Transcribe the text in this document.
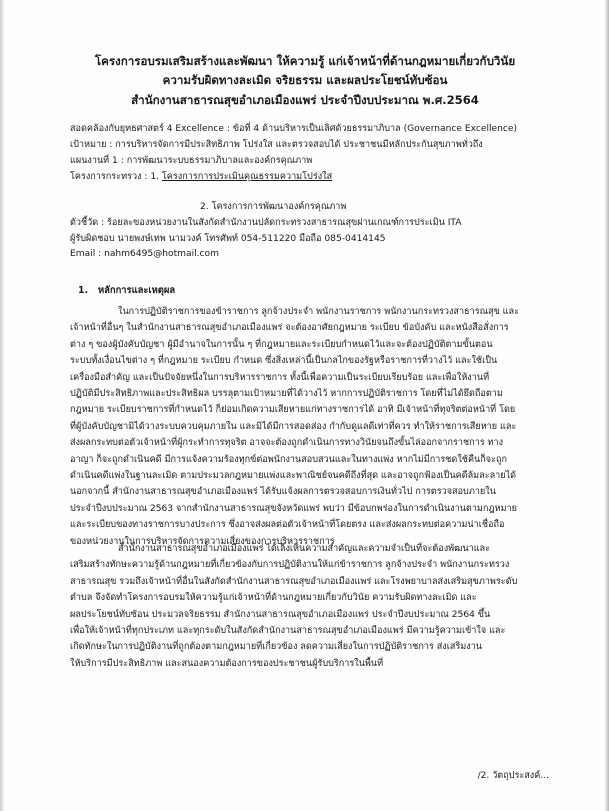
โครงการอบรมเสริมสร้างและพัฒนา ให้ความรู้ แก่เจ้าหน้าที่ด้านกฎหมายเกี่ยวกับวินัย
ความรับผิดทางละเมิด จริยธรรม และผลประโยชน์ทับซ้อน
สำนักงานสาธารณสุขอำเภอเมืองแพร่ ประจำปีงบประมาณ พ.ศ.2564
สอดคล้องกับยุทธศาสตร์ 4 Excellence : ข้อที่ 4 ด้านบริหารเป็นเลิศด้วยธรรมาภิบาล (Governance Excellence)
เป้าหมาย : การบริหารจัดการมีประสิทธิภาพ โปร่งใส และตรวจสอบได้ ประชาชนมีหลักประกันสุขภาพทั่วถึง
แผนงานที่ 1 : การพัฒนาระบบธรรมาภิบาลและองค์กรคุณภาพ
โครงการกระทรวง : 1. โครงการการประเมินคุณธรรมความโปร่งใส
2. โครงการการพัฒนาองค์กรคุณภาพ
ตัวชี้วัด : ร้อยละของหน่วยงานในสังกัดสำนักงานปลัดกระทรวงสาธารณสุขผ่านเกณฑ์การประเมิน ITA
ผู้รับผิดชอบ นายพงษ์เทพ นามวงค์ โทรศัพท์ 054-511220 มือถือ 085-0414145
Email : nahm6495@hotmail.com
1. หลักการและเหตุผล
ในการปฏิบัติราชการของข้าราชการ ลูกจ้างประจำ พนักงานราชการ พนักงานกระทรวงสาธารณสุข และ
เจ้าหน้าที่อื่นๆ ในสำนักงานสาธารณสุขอำเภอเมืองแพร่ จะต้องอาศัยกฎหมาย ระเบียบ ข้อบังคับ และหนังสือสั่งการ
ต่าง ๆ ของผู้บังคับบัญชา ผู้มีอำนาจในการนั้น ๆ ที่กฎหมายและระเบียบกำหนดไว้และจะต้องปฏิบัติตามขั้นตอน
ระบบทั้งเงื่อนไขต่าง ๆ ที่กฎหมาย ระเบียบ กำหนด ซึ่งสิ่งเหล่านี้เป็นกลไกของรัฐหรือราชการที่วางไว้ และใช้เป็น
เครื่องมือสำคัญ และเป็นปัจจัยหนึ่งในการบริหารราชการ ทั้งนี้เพื่อความเป็นระเบียบเรียบร้อย และเพื่อให้งานที่
ปฏิบัติมีประสิทธิภาพและประสิทธิผล บรรลุตามเป้าหมายที่ได้วางไว้ หากการปฏิบัติราชการ โดยที่ไม่ได้ยึดถือตาม
กฎหมาย ระเบียบราชการที่กำหนดไว้ ก็ย่อมเกิดความเสียหายแก่ทางราชการได้ อาทิ มีเจ้าหน้าที่ทุจริตต่อหน้าที่ โดย
ที่ผู้บังคับบัญชามิได้วางระบบควบคุมภายใน และมิได้มีการสอดส่อง กำกับดูแลดีเท่าที่ควร ทำให้ราชการเสียหาย และ
ส่งผลกระทบต่อตัวเจ้าหน้าที่ผู้กระทำการทุจริต อาจจะต้องถูกดำเนินการทางวินัยจนถึงขั้นไล่ออกจากราชการ ทาง
อาญา ก็จะถูกดำเนินคดี มีการแจ้งความร้องทุกข์ต่อพนักงานสอบสวนและในทางแพ่ง หากไม่มีการชดใช้คืนก็จะถูก
ดำเนินคดีแพ่งในฐานละเมิด ตามประมวลกฎหมายแพ่งและพาณิชย์จนคดีถึงที่สุด และอาจถูกฟ้องเป็นคดีล้มละลายได้
นอกจากนี้ สำนักงานสาธารณสุขอำเภอเมืองแพร่ ได้รับแจ้งผลการตรวจสอบการเงินทั่วไป การตรวจสอบภายใน
ประจำปีงบประมาณ 2563 จากสำนักงานสาธารณสุขจังหวัดแพร่ พบว่า มีข้อบกพร่องในการดำเนินงานตามกฎหมาย
และระเบียบของทางราชการบางประการ ซึ่งอาจส่งผลต่อตัวเจ้าหน้าที่โดยตรง และส่งผลกระทบต่อความน่าเชื่อถือ
ของหน่วยงานในการบริหารจัดการความเสี่ยงของการบริหารราชการ
สำนักงานสาธารณสุขอำเภอเมืองแพร่ ได้เล็งเห็นความสำคัญและความจำเป็นที่จะต้องพัฒนาและ
เสริมสร้างทักษะความรู้ด้านกฎหมายที่เกี่ยวข้องกับการปฏิบัติงานให้แก่ข้าราชการ ลูกจ้างประจำ พนักงานกระทรวง
สาธารณสุข รวมถึงเจ้าหน้าที่อื่นในสังกัดสำนักงานสาธารณสุขอำเภอเมืองแพร่ และโรงพยาบาลส่งเสริมสุขภาพระดับ
ตำบล จึงจัดทำโครงการอบรมให้ความรู้แก่เจ้าหน้าที่ด้านกฎหมายเกี่ยวกับวินัย ความรับผิดทางละเมิด และ
ผลประโยชน์ทับซ้อน ประมวลจริยธรรม สำนักงานสาธารณสุขอำเภอเมืองแพร่ ประจำปีงบประมาณ 2564 ขึ้น
เพื่อให้เจ้าหน้าที่ทุกประเภท และทุกระดับในสังกัดสำนักงานสาธารณสุขอำเภอเมืองแพร่ มีความรู้ความเข้าใจ และ
เกิดทักษะในการปฏิบัติงานที่ถูกต้องตามกฎหมายที่เกี่ยวข้อง ลดความเสี่ยงในการปฏิบัติราชการ ส่งเสริมงาน
ให้บริการมีประสิทธิภาพ และสนองความต้องการของประชาชนผู้รับบริการในพื้นที่
/2. วัตถุประสงค์...
